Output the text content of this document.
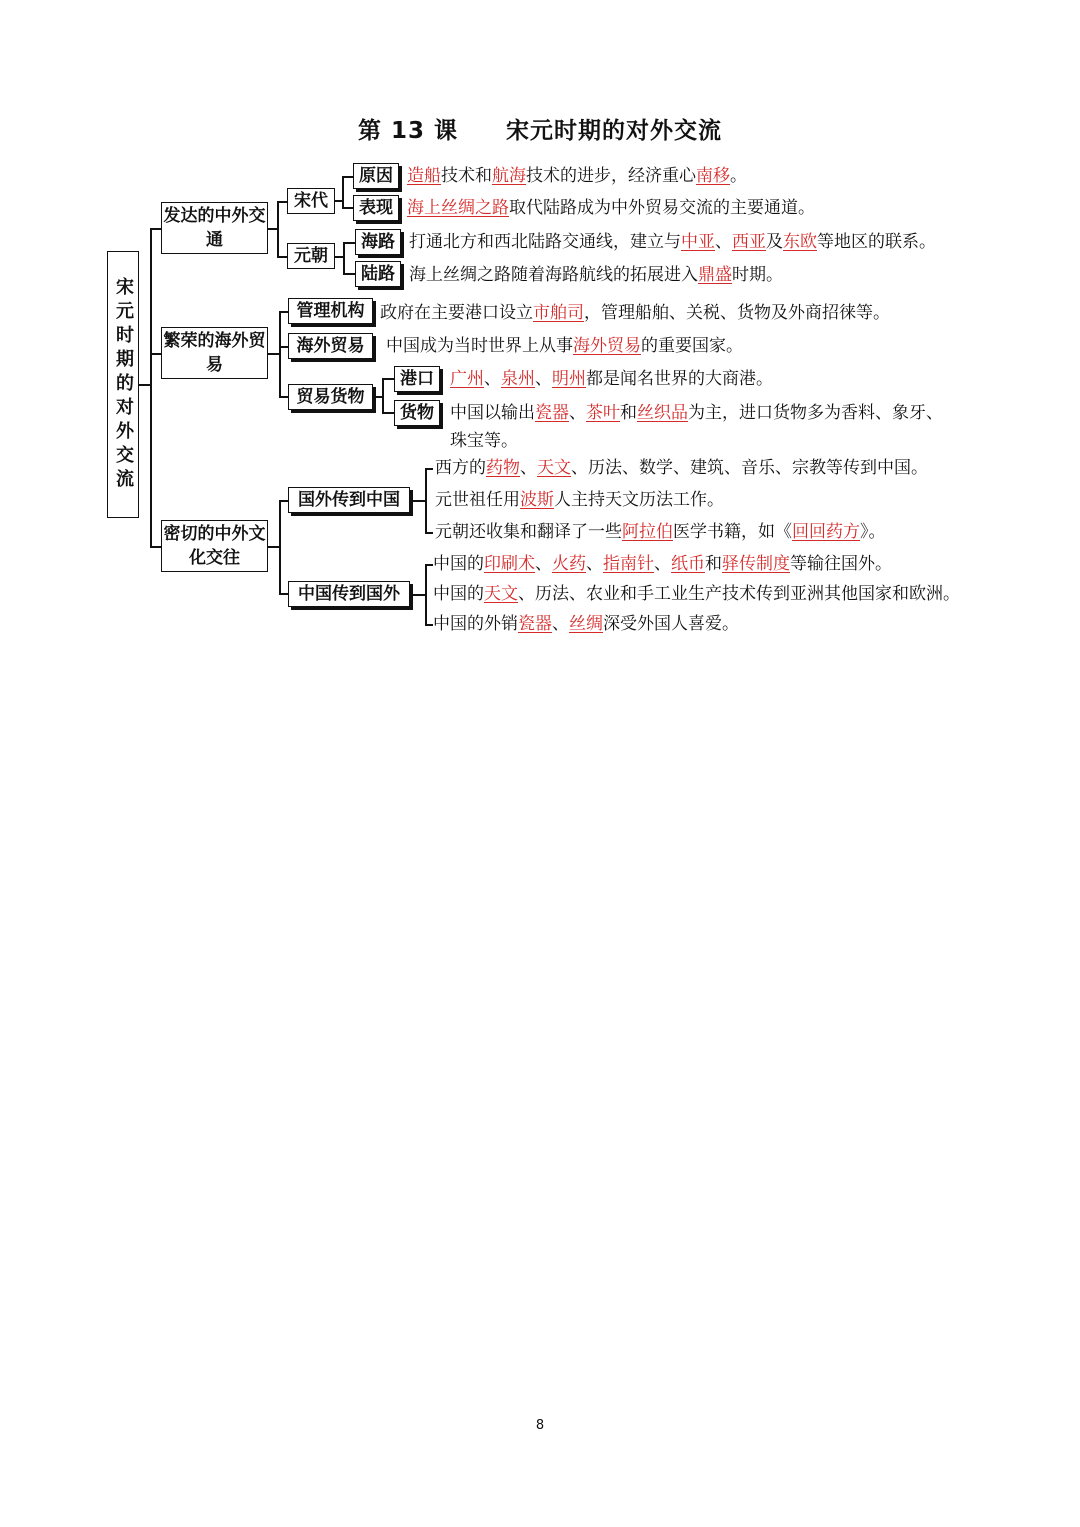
第 13 课　　宋元时期的对外交流
宋元时期的对外交流
发达的中外交通
繁荣的海外贸易
密切的中外文化交往
宋代
元朝
原因
表现
海路
陆路
管理机构
海外贸易
贸易货物
港口
货物
国外传到中国
中国传到国外
造船技术和航海技术的进步，经济重心南移。
海上丝绸之路取代陆路成为中外贸易交流的主要通道。
打通北方和西北陆路交通线，建立与中亚、西亚及东欧等地区的联系。
海上丝绸之路随着海路航线的拓展进入鼎盛时期。
政府在主要港口设立市舶司，管理船舶、关税、货物及外商招徕等。
中国成为当时世界上从事海外贸易的重要国家。
广州、泉州、明州都是闻名世界的大商港。
中国以输出瓷器、茶叶和丝织品为主，进口货物多为香料、象牙、
珠宝等。
西方的药物、天文、历法、数学、建筑、音乐、宗教等传到中国。
元世祖任用波斯人主持天文历法工作。
元朝还收集和翻译了一些阿拉伯医学书籍，如《回回药方》。
中国的印刷术、火药、指南针、纸币和驿传制度等输往国外。
中国的天文、历法、农业和手工业生产技术传到亚洲其他国家和欧洲。
中国的外销瓷器、丝绸深受外国人喜爱。
8
